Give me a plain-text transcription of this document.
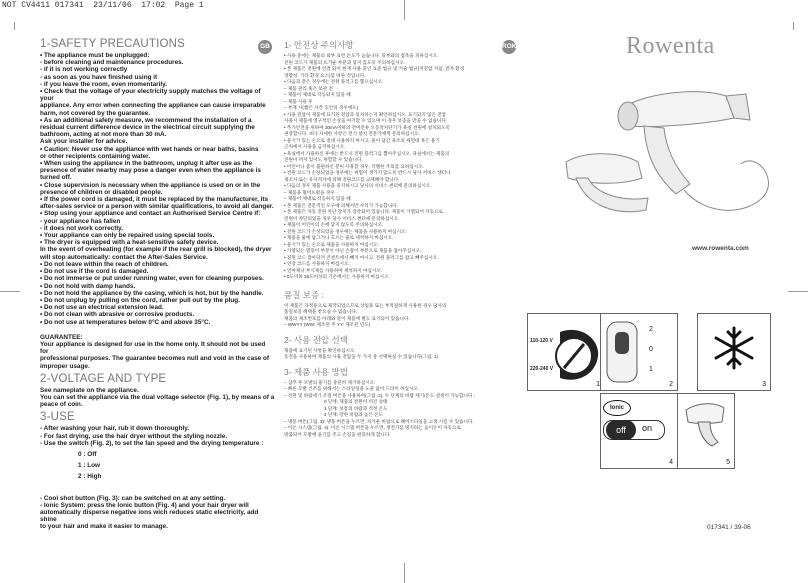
NOT CV4411 017341  23/11/06  17:02  Page 1
1-SAFETY PRECAUTIONS
• The appliance must be unplugged:
- before cleaning and maintenance procedures.
- if it is not working correctly
- as soon as you have finished using it
- if you leave the room, even momentarily.
• Check that the voltage of your electricity supply matches the voltage of your
appliance. Any error when connecting the appliance can cause irreparable
harm, not covered by the guarantee.
• As an additional safety measure, we recommend the installation of a
residual current difference device in the electrical circuit supplying the
bathroom, acting at not more than 30 mA.
Ask your installer for advice.
• Caution: Never use the appliance with wet hands or near baths, basins
or other recipients containing water.
• When using the appliance in the bathroom, unplug it after use as the
presence of water nearby may pose a danger even when the appliance is
turned off.
• Close supervision is necessary when the appliance is used on or in the
presence of children or disabled people.
• If the power cord is damaged, it must be replaced by the manufacturer, its
after-sales service or a person with similar qualifications, to avoid all danger.
• Stop using your appliance and contact an Authorised Service Centre if:
- your appliance has fallen
- it does not work correctly.
• Your appliance can only be repaired using special tools.
• The dryer is equipped with a heat-sensitive safety device.
In the event of overheating (for example if the rear grill is blocked), the dryer
will stop automatically: contact the After-Sales Service.
• Do not leave within the reach of children.
• Do not use if the cord is damaged.
• Do not immerse or put under running water, even for cleaning purposes.
• Do not hold with damp hands.
• Do not hold the appliance by the casing, which is hot, but by the handle.
• Do not unplug by pulling on the cord, rather pull out by the plug.
• Do not use an electrical extension lead.
• Do not clean with abrasive or corrosive products.
• Do not use at temperatures below 0°C and above 35°C.
GUARANTEE:
Your appliance is designed for use in the home only. It should not be used for
professional purposes. The guarantee becomes null and void in the case of
improper usage.
2-VOLTAGE AND TYPE
See nameplate on the appliance.
You can set the appliance via the dual voltage selector (Fig. 1), by means of a
peace of coin.
3-USE
- After washing your hair, rub it down thoroughly.
- For fast drying, use the hair dryer without the styling nozzle.
- Use the switch (Fig. 2), to set the fan speed and the drying temperature :
0 : Off
1 : Low
2 : High
- Cool shot button (Fig. 3): can be switched on at any setting.
- Ionic System: press the Ionic button (Fig. 4) and your hair dryer will
automatically disperse negative ions wich reduces static electricity, add shine
to your hair and make it easier to manage.
GB	ROK
1- 안전상 주의사항
• 사용 중에는 제품의 외부 표면 온도가 높습니다. 피부와의 접촉을 피하십시오.
전원 코드가 제품의 뜨거운 부분과 닿지 않도록 주의하십시오.
• 본 제품은 전원에 연결 되어 현재 사용 중인 표준 법규 및 기술 법규(저전압 지침, 전자 환경
영향성, 기타 환경 요소)를 따른 것입니다.
• 다음과 같은 경우에는 전원 플러그를 뽑으십시오.
– 제품 관리 혹은 보관 전
– 제품이 제대로 작동되지 않을 때
– 제품 사용 후
– 부재 시(짧은 시간 동안의 경우에도)
• 사용 전압이 제품에 표기된 전압과 일치하는지 확인하십시오. 표기되지 않은 전압
사용시 제품에 영구적인 손상을 야기할 수 있으며 이 경우 보증을 받을 수 없습니다.
• 추가안전을 위하여 30mA이하의 전여전류 오동작차단기가 욕실 전원에 설치되도록
권장합니다. 보다 자세한 사항은 전기 설치 전문가에게 문의하십시오.
• 물기가 있는 손으로 절대 사용하지 마시고, 물이 담긴 욕조의 세면대 혹은 용기
근처에서 사용을 금지하십시오.
• 욕실에서 사용하신 후에는 반드시 전원 플러그를 뽑아주십시오. 욕실에서는 제품의
전원이 꺼져 있어도 위험할 수 있습니다.
• 어린이나 몸이 불편하신 분이 사용할 경우, 각별한 주의를 요하십시오.
• 전원 코드가 손상되었을 경우에는 위험이 생기지 않도록 반드시 당사 서비스 센터나
제조자 또는 유자격자에 의해 전원코드를 교체해야 합니다.
• 다음의 경우 제품 사용을 중지하시고 당사의 서비스 센터에 문의하십시오.
– 제품을 떨어뜨렸을 경우
– 제품이 제대로 작동하지 않을 때
• 본 제품은 전문적인 도구에 의해서만 수리가 가능합니다.
• 본 제품은 자동 전원 차단 장치가 장착되어 있습니다. 제품이 가열되어 자동으로
전원이 차단되었을 경우 당사 서비스 센터에 문의하십시오.
• 제품이 어린이의 손에 닿지 않도록 주의하십시오.
• 전원 코드가 손상되었을 경우에는 제품을 사용하지 마십시오.
• 제품을 물에 담그거나 흐르는 물로 세척하지 마십시오.
• 물기가 있는 손으로 제품을 사용하지 마십시오.
• 가열되는 열풍이 부분이 아닌 손잡이 부분으로 제품을 잡아주십시오.
• 전원 코드 잡아당겨 콘센트에서 빼지 마시고, 전원 플러그를 잡고 빼주십시오.
• 연장 코드를 사용하지 마십시오.
• 연마제나 부식제를 사용하여 세척하지 마십시오.
• 0도이하 35도이상의 기온에서는 사용하지 마십시오.
품질 보증 :
이 제품은 가정용으로 제작되었으므로 상업용 또는 부적절하게 사용한 경우 당사의
품질보증 혜택을 받으실 수 없습니다.
제품의 제조번호를 아래와 같이 제품에 별도 표기되어 있습니다.
– WWYY (WW: 제조된 주 YY: 제조된 년도)
2- 사용 전압 선택
제품에 표기된 사항을 확인하십시오.
동전을 사용하여 제품의 사용 전압을 두 가지 중 선택하실 수 있습니다(그림. 1)
3- 제품 사용 방법
– 샴푸 후 모발의 물기를 충분히 제거하십시오.
– 빠른 모발 건조를 위해서는 스타일링용 노즐 없이 드라이 하십시오.
– 전원 및 바람세기 조절 버튼을 사용하여(그림. 2), 두 단계의 바람 세기/온도 설정이 가능합니다 :
0 단계: 제품의 전원이 꺼진 상태
1 단계: 보통의 바람과 적정 온도
2 단계: 강한 바람과 높은 온도
– 냉풍 버튼(그림. 3): 냉풍 버튼을 누르면, 차가운 바람으로 헤어스타일을 고정 시킬 수 있습니다.
– 이온 시스템(그림. 4): 이온 시스템 버튼을 누르면, 정전기를 방지하는 음이온이 자동으로
방출되어 모발에 윤기를 주고 손질을 편리하게 합니다.
Rowenta
www.rowenta.com
110-120 V
220-240 V
1
2
0
1
2	3
Ionic
off	on
4	5
017341 / 39-06
